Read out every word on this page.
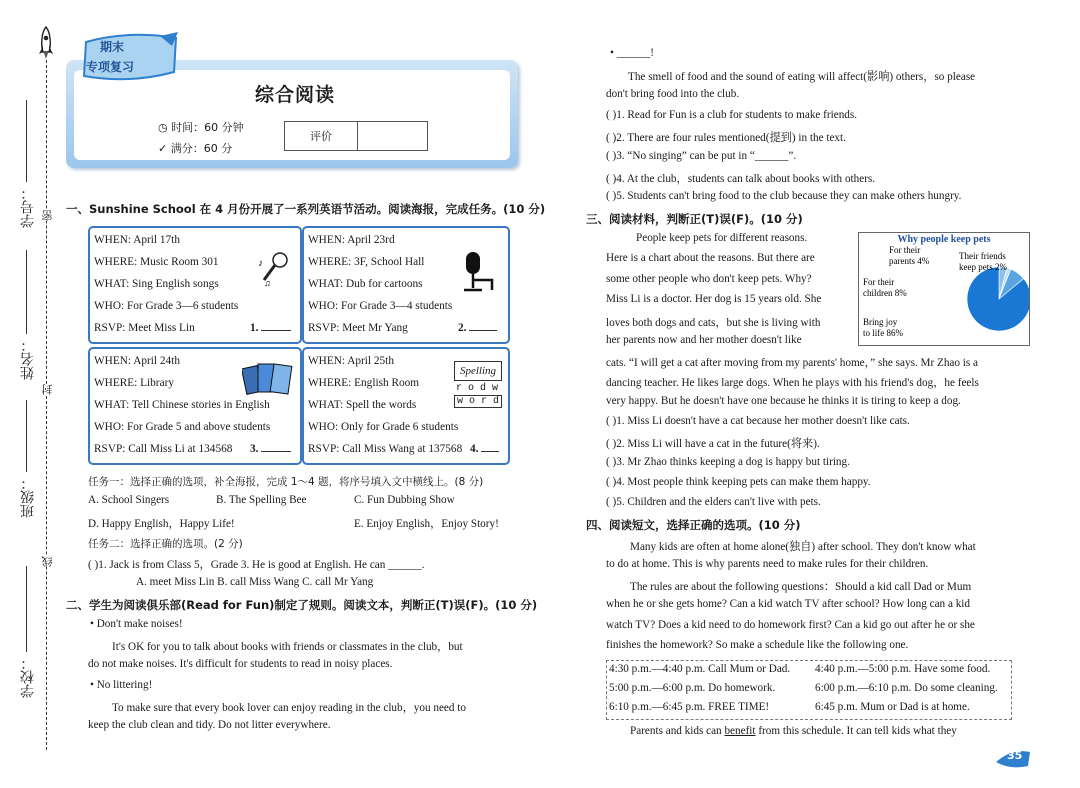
学号： 密
姓名：
封
班级：
线
学校：
期末
专项复习
综合阅读
◷ 时间：60 分钟
✓ 满分：60 分
评价
一、Sunshine School 在 4 月份开展了一系列英语节活动。阅读海报，完成任务。(10 分)
WHEN: April 17th
WHERE: Music Room 301
WHAT: Sing English songs
WHO: For Grade 3—6 students
RSVP: Meet Miss Lin	1.
♪
♫
WHEN: April 23rd
WHERE: 3F, School Hall
WHAT: Dub for cartoons
WHO: For Grade 3—4 students
RSVP: Meet Mr Yang	2.
WHEN: April 24th
WHERE: Library
WHAT: Tell Chinese stories in English
WHO: For Grade 5 and above students
RSVP: Call Miss Li at 134568 3.
WHEN: April 25th
WHERE: English Room
WHAT: Spell the words
WHO: Only for Grade 6 students
RSVP: Call Miss Wang at 137568 4.
Spelling
r o d w
w o r d
任务一：选择正确的选项，补全海报，完成 1～4 题，将序号填入文中横线上。(8 分)
A. School Singers	B. The Spelling Bee	C. Fun Dubbing Show
D. Happy English，Happy Life!	E. Enjoy English，Enjoy Story!
任务二：选择正确的选项。(2 分)
( )1. Jack is from Class 5，Grade 3. He is good at English. He can ______.
A. meet Miss Lin B. call Miss Wang C. call Mr Yang
二、学生为阅读俱乐部(Read for Fun)制定了规则。阅读文本，判断正(T)误(F)。(10 分)
• Don't make noises!
It's OK for you to talk about books with friends or classmates in the club，but
do not make noises. It's difficult for students to read in noisy places.
• No littering!
To make sure that every book lover can enjoy reading in the club，you need to
keep the club clean and tidy. Do not litter everywhere.
• ______!
The smell of food and the sound of eating will affect(影响) others，so please
don't bring food into the club.
( )1. Read for Fun is a club for students to make friends.
( )2. There are four rules mentioned(提到) in the text.
( )3. “No singing” can be put in “______”.
( )4. At the club，students can talk about books with others.
( )5. Students can't bring food to the club because they can make others hungry.
三、阅读材料，判断正(T)误(F)。(10 分)
People keep pets for different reasons.
Here is a chart about the reasons. But there are
some other people who don't keep pets. Why?
Miss Li is a doctor. Her dog is 15 years old. She
loves both dogs and cats，but she is living with
her parents now and her mother doesn't like
cats. “I will get a cat after moving from my parents' home，” she says. Mr Zhao is a
dancing teacher. He likes large dogs. When he plays with his friend's dog，he feels
very happy. But he doesn't have one because he thinks it is tiring to keep a dog.
( )1. Miss Li doesn't have a cat because her mother doesn't like cats.
( )2. Miss Li will have a cat in the future(将来).
( )3. Mr Zhao thinks keeping a dog is happy but tiring.
( )4. Most people think keeping pets can make them happy.
( )5. Children and the elders can't live with pets.
Why people keep pets
For their
parents 4%	Their friends
keep pets 2%
For their
children 8%
Bring joy
to life 86%
四、阅读短文，选择正确的选项。(10 分)
Many kids are often at home alone(独自) after school. They don't know what
to do at home. This is why parents need to make rules for their children.
The rules are about the following questions：Should a kid call Dad or Mum
when he or she gets home? Can a kid watch TV after school? How long can a kid
watch TV? Does a kid need to do homework first? Can a kid go out after he or she
finishes the homework? So make a schedule like the following one.
4:30 p.m.—4:40 p.m. Call Mum or Dad. 4:40 p.m.—5:00 p.m. Have some food.
5:00 p.m.—6:00 p.m. Do homework.	6:00 p.m.—6:10 p.m. Do some cleaning.
6:10 p.m.—6:45 p.m. FREE TIME!	6:45 p.m. Mum or Dad is at home.
Parents and kids can benefit from this schedule. It can tell kids what they
35
